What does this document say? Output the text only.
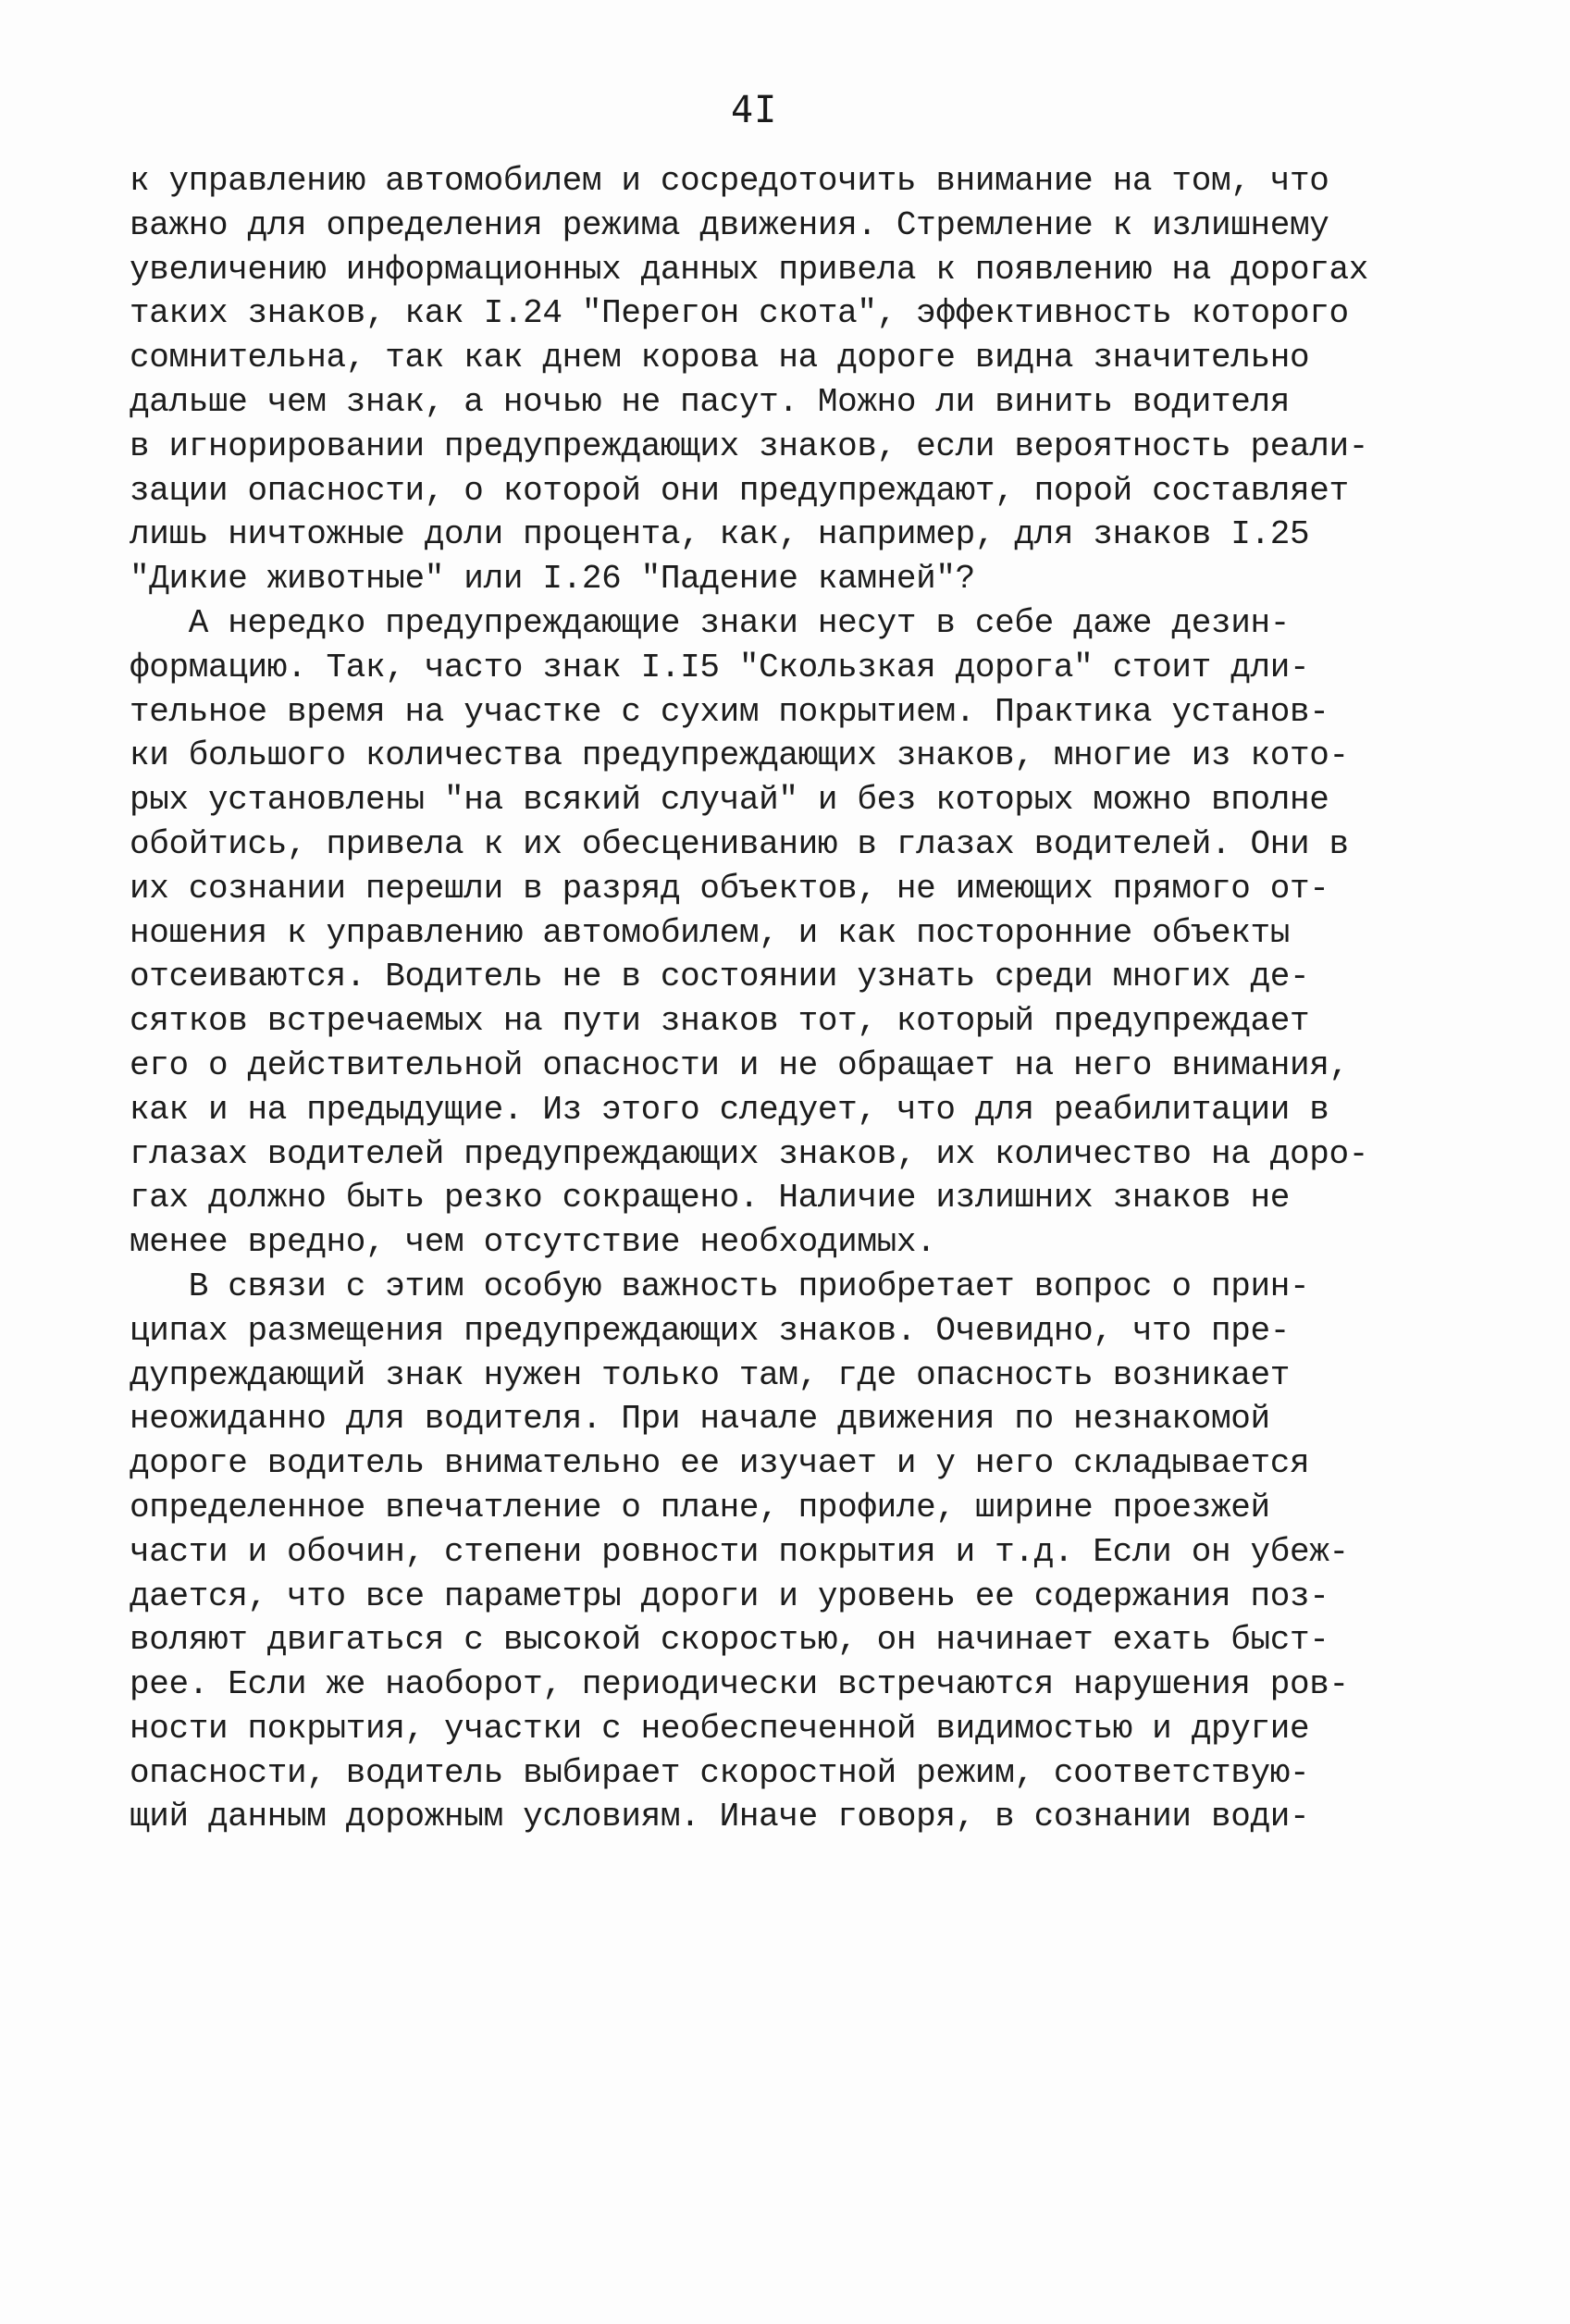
4I
к управлению автомобилем и сосредоточить внимание на том, что
важно для определения режима движения. Стремление к излишнему
увеличению информационных данных привела к появлению на дорогах
таких знаков, как I.24 "Перегон скота", эффективность которого
сомнительна, так как днем корова на дороге видна значительно
дальше чем знак, а ночью не пасут. Можно ли винить водителя
в игнорировании предупреждающих знаков, если вероятность реали-
зации опасности, о которой они предупреждают, порой составляет
лишь ничтожные доли процента, как, например, для знаков I.25
"Дикие животные" или I.26 "Падение камней"?
А нередко предупреждающие знаки несут в себе даже дезин-
формацию. Так, часто знак I.I5 "Скользкая дорога" стоит дли-
тельное время на участке с сухим покрытием. Практика установ-
ки большого количества предупреждающих знаков, многие из кото-
рых установлены "на всякий случай" и без которых можно вполне
обойтись, привела к их обесцениванию в глазах водителей. Они в
их сознании перешли в разряд объектов, не имеющих прямого от-
ношения к управлению автомобилем, и как посторонние объекты
отсеиваются. Водитель не в состоянии узнать среди многих де-
сятков встречаемых на пути знаков тот, который предупреждает
его о действительной опасности и не обращает на него внимания,
как и на предыдущие. Из этого следует, что для реабилитации в
глазах водителей предупреждающих знаков, их количество на доро-
гах должно быть резко сокращено. Наличие излишних знаков не
менее вредно, чем отсутствие необходимых.
В связи с этим особую важность приобретает вопрос о прин-
ципах размещения предупреждающих знаков. Очевидно, что пре-
дупреждающий знак нужен только там, где опасность возникает
неожиданно для водителя. При начале движения по незнакомой
дороге водитель внимательно ее изучает и у него складывается
определенное впечатление о плане, профиле, ширине проезжей
части и обочин, степени ровности покрытия и т.д. Если он убеж-
дается, что все параметры дороги и уровень ее содержания поз-
воляют двигаться с высокой скоростью, он начинает ехать быст-
рее. Если же наоборот, периодически встречаются нарушения ров-
ности покрытия, участки с необеспеченной видимостью и другие
опасности, водитель выбирает скоростной режим, соответствую-
щий данным дорожным условиям. Иначе говоря, в сознании води-
